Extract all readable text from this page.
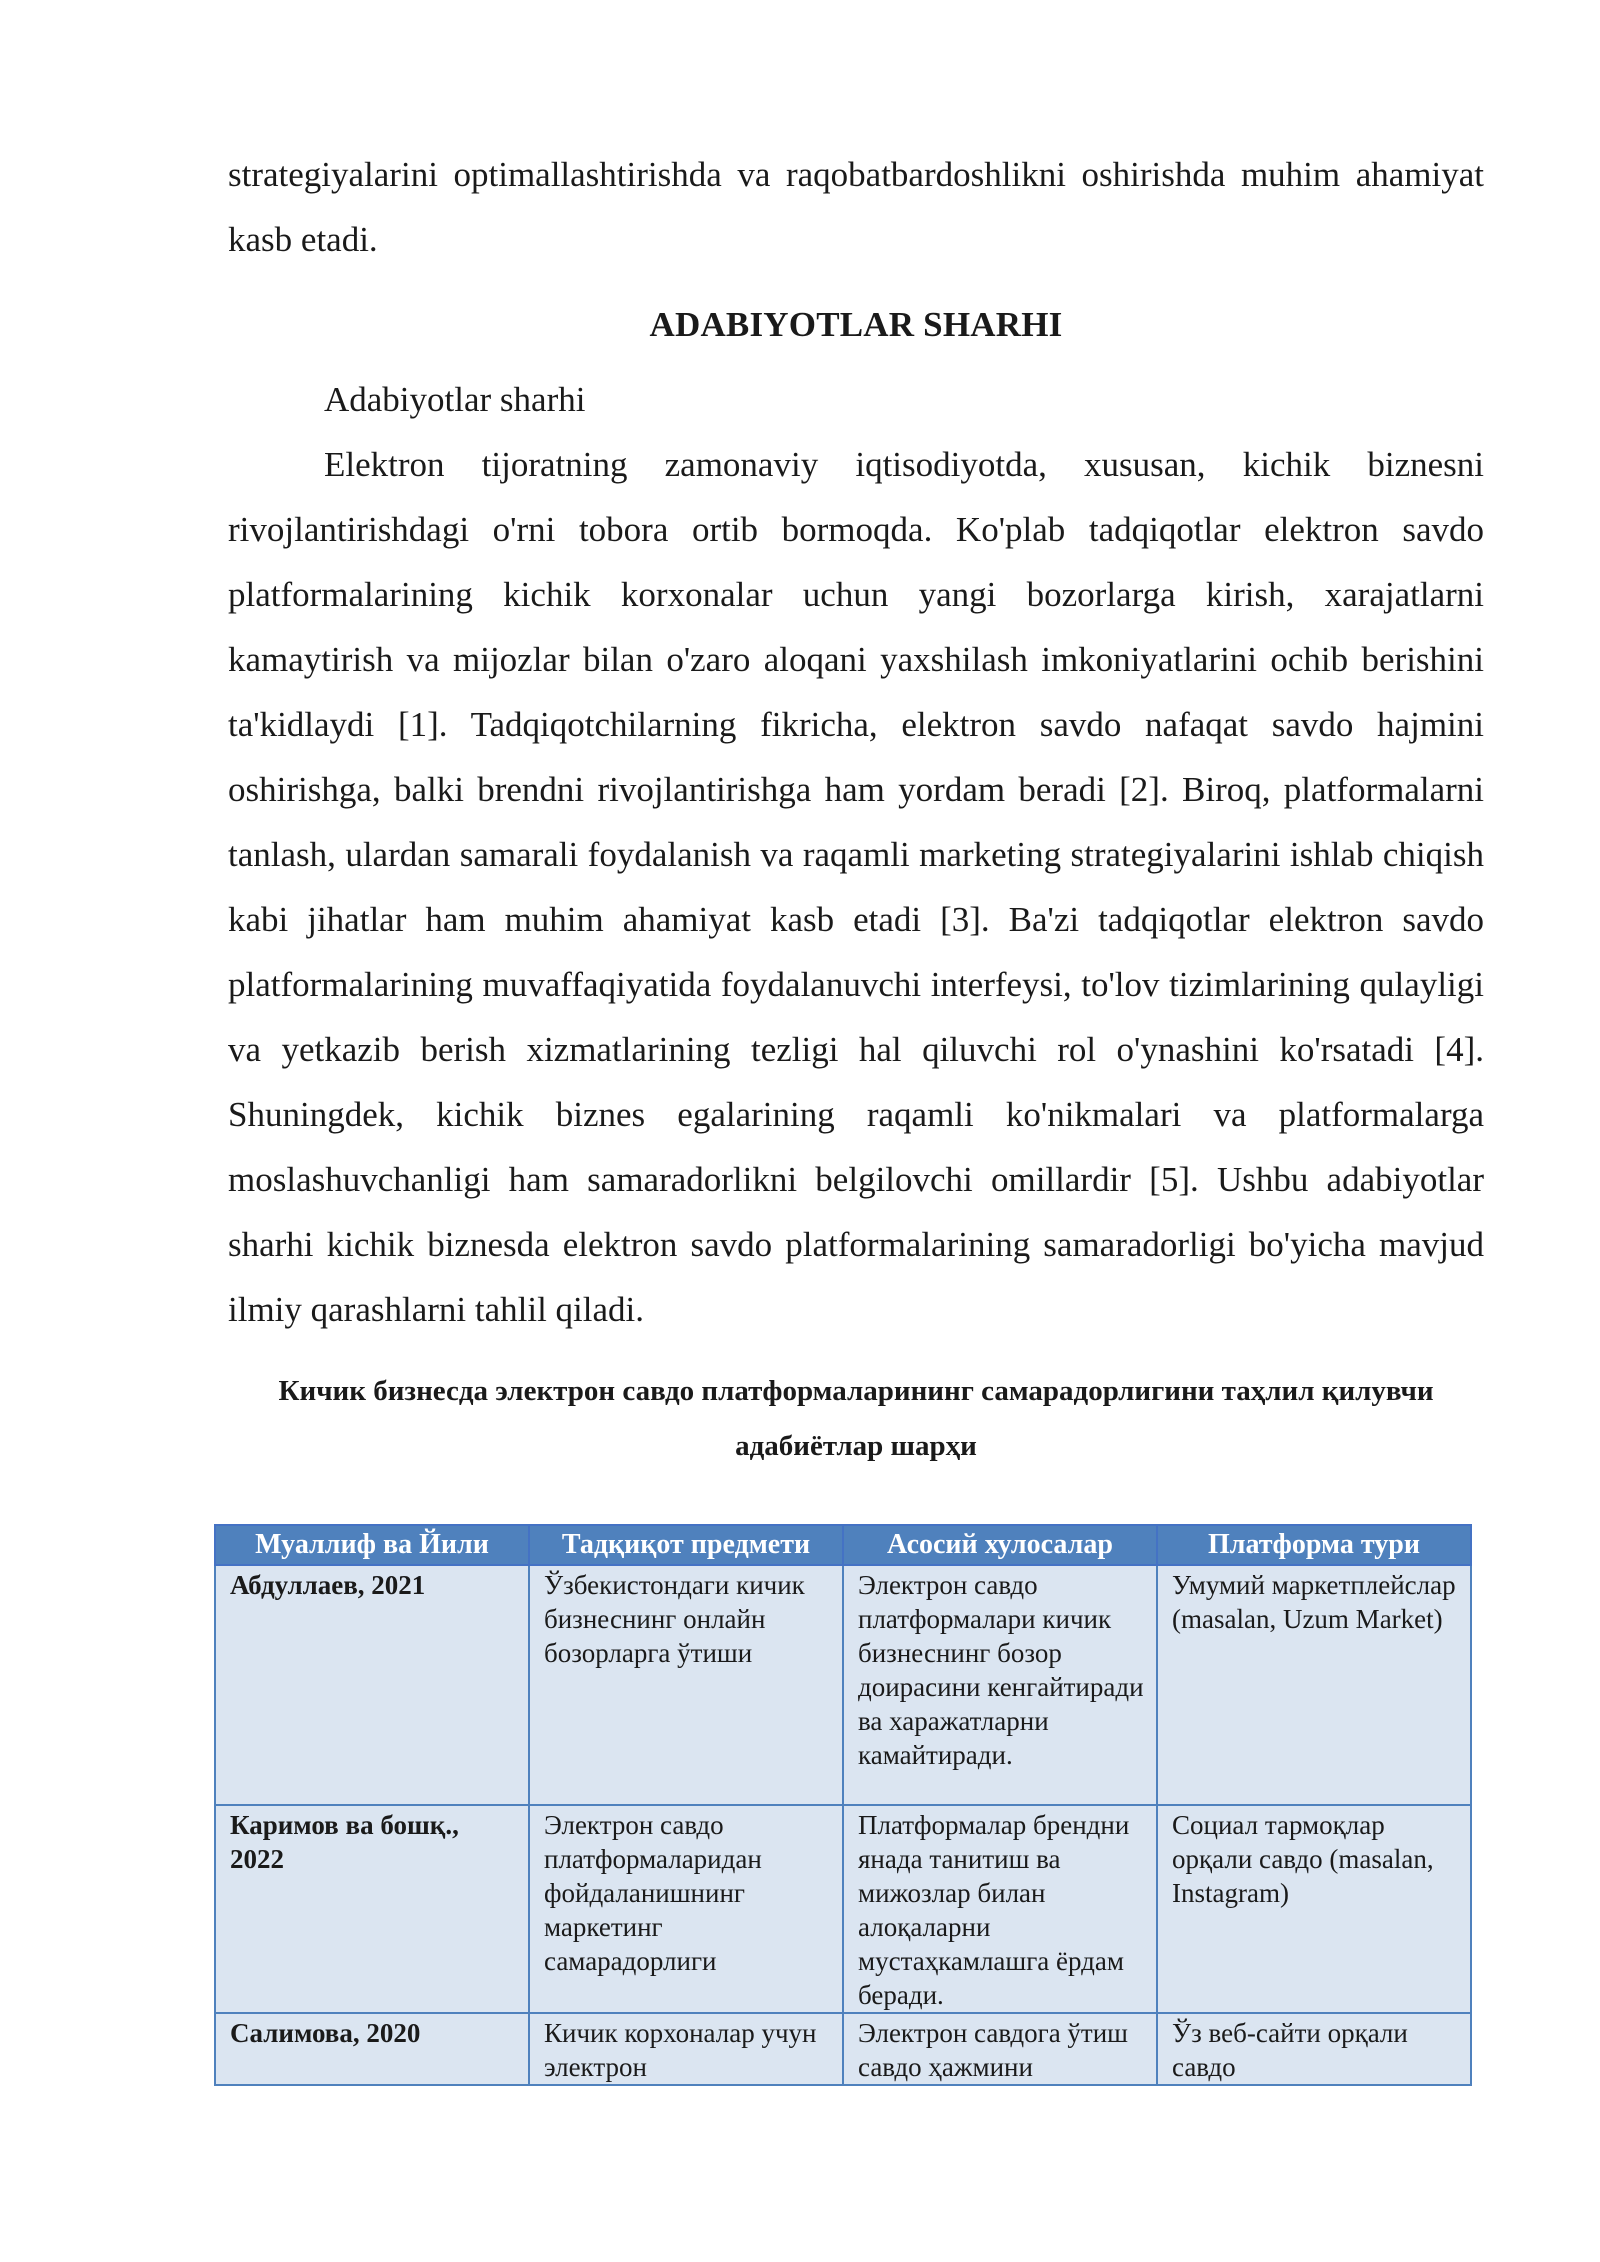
strategiyalarini optimallashtirishda va raqobatbardoshlikni oshirishda muhim ahamiyat kasb etadi.

ADABIYOTLAR SHARHI

Adabiyotlar sharhi

Elektron tijoratning zamonaviy iqtisodiyotda, xususan, kichik biznesni rivojlantirishdagi o'rni tobora ortib bormoqda. Ko'plab tadqiqotlar elektron savdo platformalarining kichik korxonalar uchun yangi bozorlarga kirish, xarajatlarni kamaytirish va mijozlar bilan o'zaro aloqani yaxshilash imkoniyatlarini ochib berishini ta'kidlaydi [1]. Tadqiqotchilarning fikricha, elektron savdo nafaqat savdo hajmini oshirishga, balki brendni rivojlantirishga ham yordam beradi [2]. Biroq, platformalarni tanlash, ulardan samarali foydalanish va raqamli marketing strategiyalarini ishlab chiqish kabi jihatlar ham muhim ahamiyat kasb etadi [3]. Ba'zi tadqiqotlar elektron savdo platformalarining muvaffaqiyatida foydalanuvchi interfeysi, to'lov tizimlarining qulayligi va yetkazib berish xizmatlarining tezligi hal qiluvchi rol o'ynashini ko'rsatadi [4]. Shuningdek, kichik biznes egalarining raqamli ko'nikmalari va platformalarga moslashuvchanligi ham samaradorlikni belgilovchi omillardir [5]. Ushbu adabiyotlar sharhi kichik biznesda elektron savdo platformalarining samaradorligi bo'yicha mavjud ilmiy qarashlarni tahlil qiladi.

Кичик бизнесда электрон савдо платформаларининг самарадорлигини таҳлил қилувчи адабиётлар шарҳи
Муаллиф ва Йили	Тадқиқот предмети	Асосий хулосалар	Платформа тури
Абдуллаев, 2021	Ўзбекистондаги кичик бизнеснинг онлайн бозорларга ўтиши	Электрон савдо платформалари кичик бизнеснинг бозор доирасини кенгайтиради ва харажатларни камайтиради.	Умумий маркетплейслар (masalan, Uzum Market)
Каримов ва бошқ., 2022	Электрон савдо платформаларидан фойдаланишнинг маркетинг самарадорлиги	Платформалар брендни янада танитиш ва мижозлар билан алоқаларни мустаҳкамлашга ёрдам беради.	Социал тармоқлар орқали савдо (masalan, Instagram)

Салимова, 2020	Кичик корхоналар учун электрон	Электрон савдога ўтиш савдо ҳажмини	Ўз веб-сайти орқали савдо
